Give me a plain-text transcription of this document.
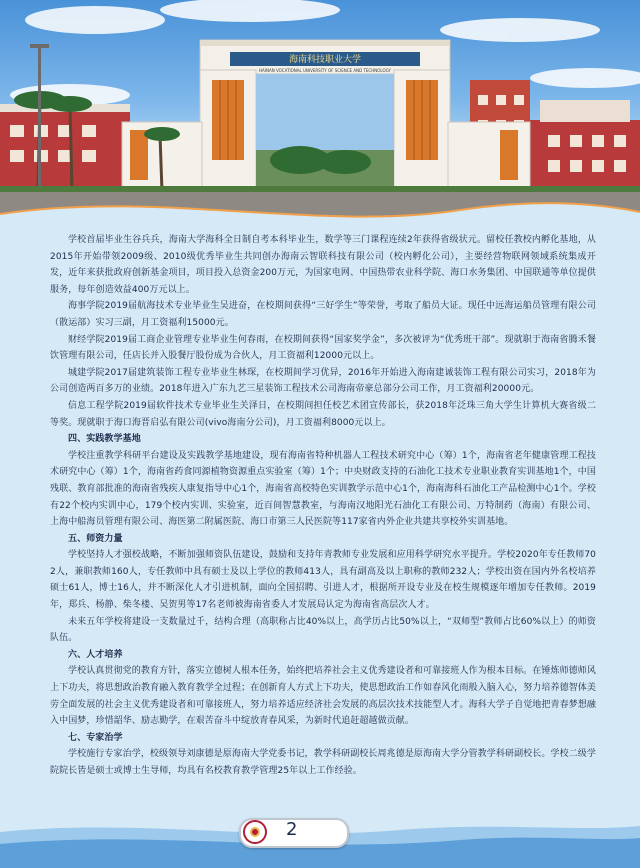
海南科技职业大学
HAINAN VOCATIONAL UNIVERSITY OF SCIENCE AND TECHNOLOGY

学校首届毕业生谷兵兵，海南大学海科全日制自考本科毕业生，数学等三门课程连续2年获得省级状元。留校任教校内孵化基地，从2015年开始带领2009级、2010级优秀毕业生共同创办海南云智联科技有限公司（校内孵化公司），主要经营物联网领域系统集成开发，近年来获批政府创新基金项目，项目投入总资金200万元，为国家电网、中国热带农业科学院、海口水务集团、中国联通等单位提供服务，每年创造效益400万元以上。

海事学院2019届航海技术专业毕业生吴进奋，在校期间获得“三好学生”等荣誉，考取了船员大证。现任中远海运船员管理有限公司（散运部）实习三副，月工资福利15000元。

财经学院2019届工商企业管理专业毕业生何春雨，在校期间获得“国家奖学金”，多次被评为“优秀班干部”。现就职于海南省腾禾餐饮管理有限公司，任店长并入股餐厅股份成为合伙人，月工资福利12000元以上。

城建学院2017届建筑装饰工程专业毕业生林琛，在校期间学习优异，2016年开始进入海南建诚装饰工程有限公司实习，2018年为公司创造两百多万的业绩。2018年进入广东九艺三星装饰工程技术公司海南帝豪总部分公司工作，月工资福利20000元。

信息工程学院2019届软件技术专业毕业生关泽日，在校期间担任校艺术团宣传部长，获2018年泛珠三角大学生计算机大赛省级二等奖。现就职于海口海晋启弘有限公司(vivo海南分公司)，月工资福利8000元以上。

四、实践教学基地

学校注重教学科研平台建设及实践教学基地建设，现有海南省特种机器人工程技术研究中心（筹）1个，海南省老年健康管理工程技术研究中心（筹）1个，海南省药食同源植物资源重点实验室（筹）1个；中央财政支持的石油化工技术专业职业教育实训基地1个，中国残联、教育部批准的海南省残疾人康复指导中心1个，海南省高校特色实训教学示范中心1个，海南海科石油化工产品检测中心1个。学校有22个校内实训中心，179个校内实训、实验室，近百间智慧教室，与海南汉地阳光石油化工有限公司、万特制药（海南）有限公司、上海中船海员管理有限公司、海医第二附属医院、海口市第三人民医院等117家省内外企业共建共享校外实训基地。

五、师资力量

学校坚持人才强校战略，不断加强师资队伍建设，鼓励和支持年青教师专业发展和应用科学研究水平提升。学校2020年专任教师702人，兼职教师160人，专任教师中具有硕士及以上学位的教师413人，具有副高及以上职称的教师232人；学校出资在国内外名校培养硕士61人，博士16人，并不断深化人才引进机制，面向全国招聘、引进人才，根据所开设专业及在校生规模逐年增加专任教师。2019年，郑兵、杨静、柴冬楼、吴贺男等17名老师被海南省委人才发展局认定为海南省高层次人才。

未来五年学校将建设一支数量过千，结构合理（高职称占比40%以上，高学历占比50%以上，“双师型”教师占比60%以上）的师资队伍。

六、人才培养

学校认真贯彻党的教育方针，落实立德树人根本任务，始终把培养社会主义优秀建设者和可靠接班人作为根本目标。在锤炼师德师风上下功夫，将思想政治教育融入教育教学全过程；在创新育人方式上下功夫，使思想政治工作如春风化雨般入脑入心，努力培养德智体美劳全面发展的社会主义优秀建设者和可靠接班人，努力培养适应经济社会发展的高层次技术技能型人才。海科大学子自觉地把青春梦想融入中国梦，珍惜韶华、励志勤学，在艰苦奋斗中绽放青春风采，为新时代追赶超越做贡献。

七、专家治学

学校施行专家治学，校级领导刘康德是原海南大学党委书记，教学科研副校长周兆德是原海南大学分管教学科研副校长。学校二级学院院长皆是硕士或博士生导师，均具有名校教育教学管理25年以上工作经验。

2
